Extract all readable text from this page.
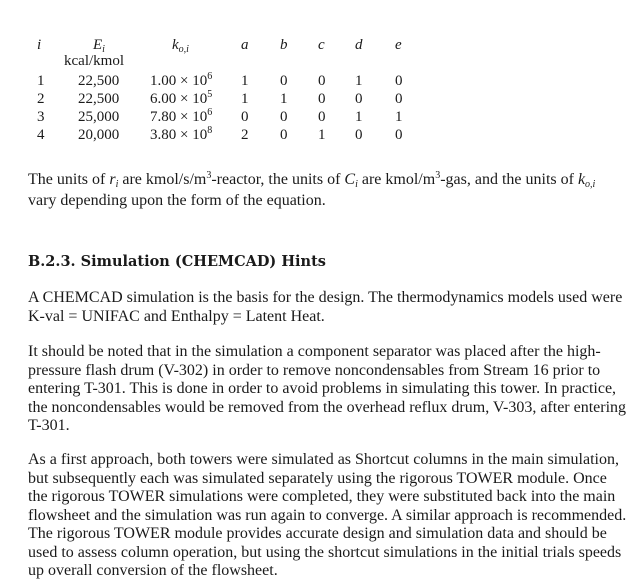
i	$E_i$
kcal/kmol
$k_{o,i}$	a b c d e
1 22,500 $1.00 \times 10^6$ 1 0 0 1 0
2 22,500 $6.00 \times 10^5$ 1 1 0 0 0
3 25,000 $7.80 \times 10^6$ 0 0 0 1 1
4 20,000 $3.80 \times 10^8$ 2 0 1 0 0
The units of ri are kmol/$s/m^3$-reactor, the units of Ci are kmol/$m^3$-gas, and the units of ko,i vary depending upon the form of the equation.
B.2.3. Simulation (CHEMCAD) Hints

A CHEMCAD simulation is the basis for the design. The thermodynamics models used were K-val = UNIFAC and Enthalpy = Latent Heat.

It should be noted that in the simulation a component separator was placed after the high-pressure flash drum (V-302) in order to remove noncondensables from Stream 16 prior to entering T-301. This is done in order to avoid problems in simulating this tower. In practice, the noncondensables would be removed from the overhead reflux drum, V-303, after entering T-301.

As a first approach, both towers were simulated as Shortcut columns in the main simulation, but subsequently each was simulated separately using the rigorous TOWER module. Once the rigorous TOWER simulations were completed, they were substituted back into the main flowsheet and the simulation was run again to converge. A similar approach is recommended. The rigorous TOWER module provides accurate design and simulation data and should be used to assess column operation, but using the shortcut simulations in the initial trials speeds up overall conversion of the flowsheet.
